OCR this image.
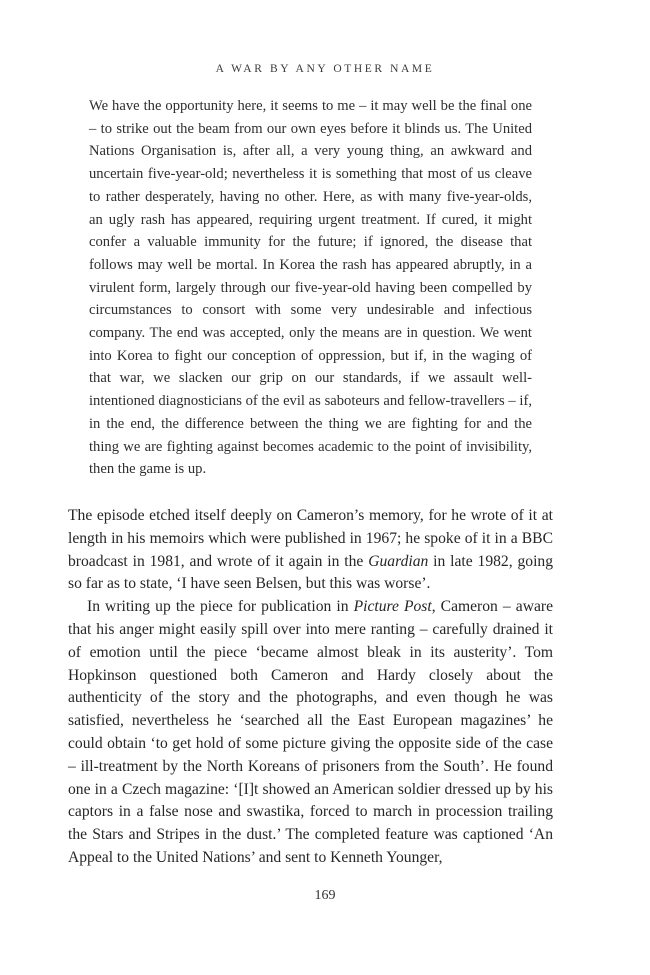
A WAR BY ANY OTHER NAME

We have the opportunity here, it seems to me – it may well be the final one – to strike out the beam from our own eyes before it blinds us. The United Nations Organisation is, after all, a very young thing, an awkward and uncertain five-year-old; nevertheless it is something that most of us cleave to rather desperately, having no other. Here, as with many five-year-olds, an ugly rash has appeared, requiring urgent treatment. If cured, it might confer a valuable immunity for the future; if ignored, the disease that follows may well be mortal. In Korea the rash has appeared abruptly, in a virulent form, largely through our five-year-old having been compelled by circumstances to consort with some very undesirable and infectious company. The end was accepted, only the means are in question. We went into Korea to fight our conception of oppression, but if, in the waging of that war, we slacken our grip on our standards, if we assault well-intentioned diagnosticians of the evil as saboteurs and fellow-travellers – if, in the end, the difference between the thing we are fighting for and the thing we are fighting against becomes academic to the point of invisibility, then the game is up.

The episode etched itself deeply on Cameron’s memory, for he wrote of it at length in his memoirs which were published in 1967; he spoke of it in a BBC broadcast in 1981, and wrote of it again in the Guardian in late 1982, going so far as to state, ‘I have seen Belsen, but this was worse’.

In writing up the piece for publication in Picture Post, Cameron – aware that his anger might easily spill over into mere ranting – carefully drained it of emotion until the piece ‘became almost bleak in its austerity’. Tom Hopkinson questioned both Cameron and Hardy closely about the authenticity of the story and the photographs, and even though he was satisfied, nevertheless he ‘searched all the East European magazines’ he could obtain ‘to get hold of some picture giving the opposite side of the case – ill-treatment by the North Koreans of prisoners from the South’. He found one in a Czech magazine: ‘[I]t showed an American soldier dressed up by his captors in a false nose and swastika, forced to march in procession trailing the Stars and Stripes in the dust.’ The completed feature was captioned ‘An Appeal to the United Nations’ and sent to Kenneth Younger,

169
